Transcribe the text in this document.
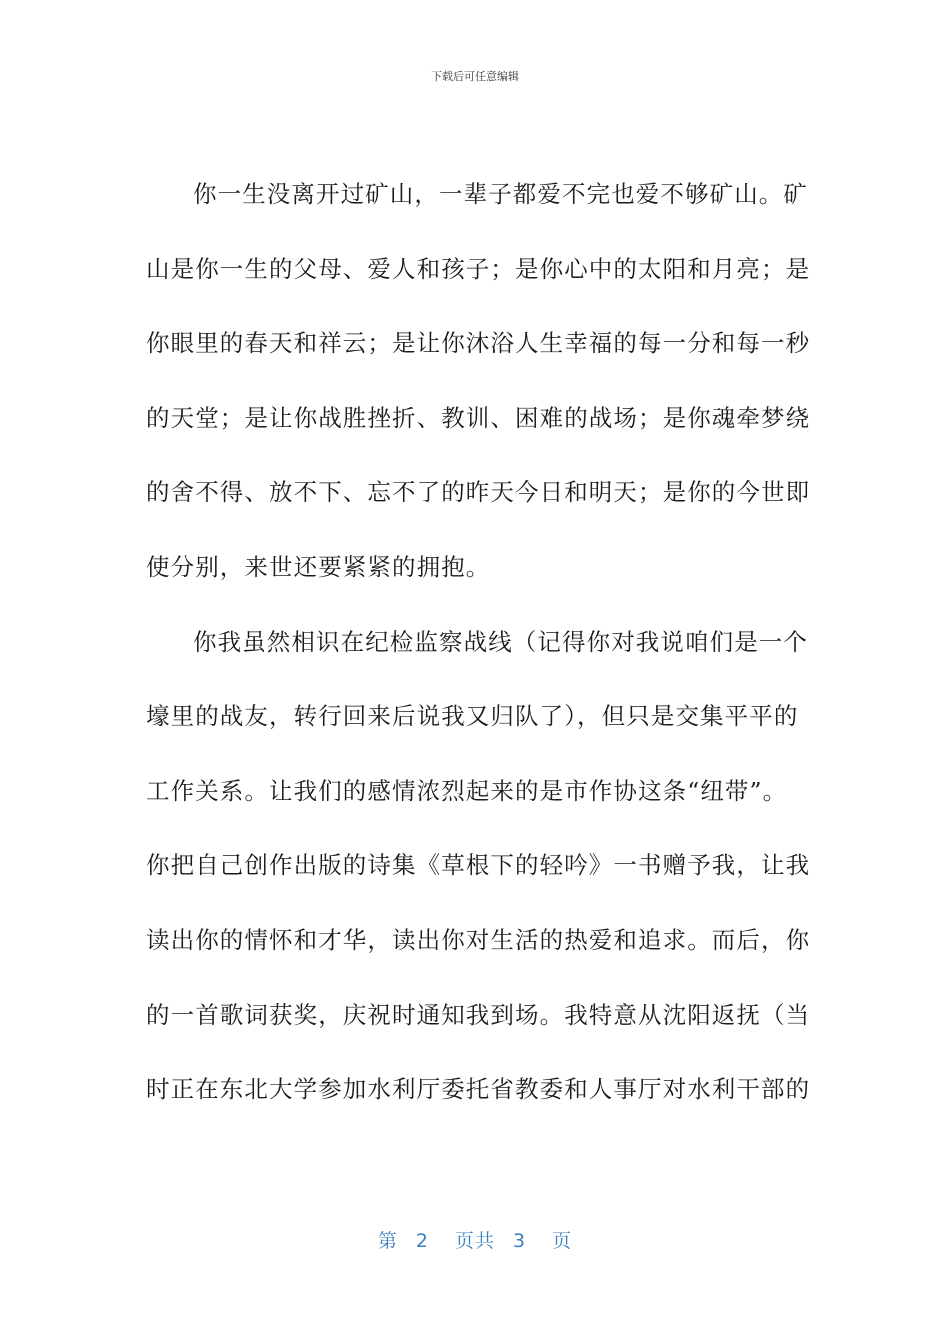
下载后可任意编辑
你一生没离开过矿山，一辈子都爱不完也爱不够矿山。矿
山是你一生的父母、爱人和孩子；是你心中的太阳和月亮；是
你眼里的春天和祥云；是让你沐浴人生幸福的每一分和每一秒
的天堂；是让你战胜挫折、教训、困难的战场；是你魂牵梦绕
的舍不得、放不下、忘不了的昨天今日和明天；是你的今世即
使分别，来世还要紧紧的拥抱。
你我虽然相识在纪检监察战线（记得你对我说咱们是一个
壕里的战友，转行回来后说我又归队了），但只是交集平平的
工作关系。让我们的感情浓烈起来的是市作协这条“纽带”。
你把自己创作出版的诗集《草根下的轻吟》一书赠予我，让我
读出你的情怀和才华，读出你对生活的热爱和追求。而后，你
的一首歌词获奖，庆祝时通知我到场。我特意从沈阳返抚（当
时正在东北大学参加水利厅委托省教委和人事厅对水利干部的
第 2 页共 3 页
